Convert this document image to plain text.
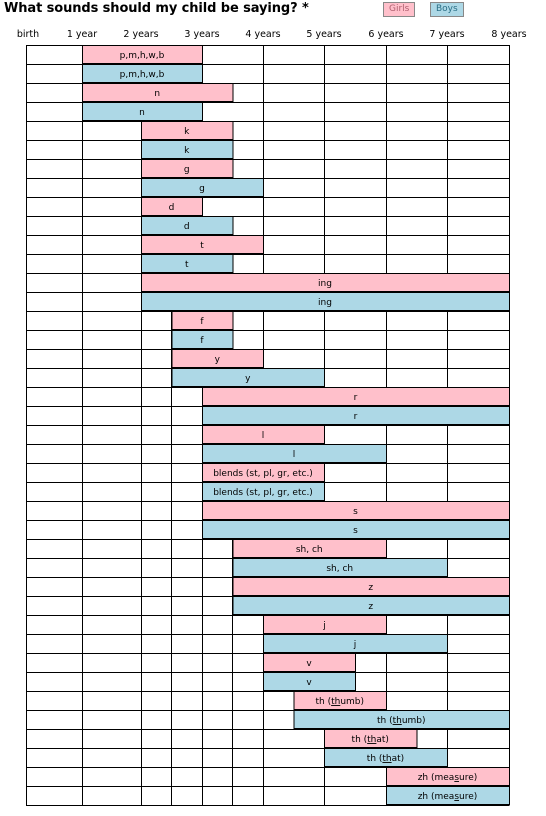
What sounds should my child be saying? *	Girls	Boys
birth	1 year	2 years	3 years	4 years	5 years	6 years	7 years	8 years
p,m,h,w,b
p,m,h,w,b
n
n
k
k
g
g
d
d
t
t
ing
ing
f
f
y
y
r
r
l
l
blends (st, pl, gr, etc.)
blends (st, pl, gr, etc.)
s
s
sh, ch
sh, ch
z
z
j
j
v
v
th (thumb)
th (thumb)
th (that)
th (that)
zh (measure)
zh (measure)
